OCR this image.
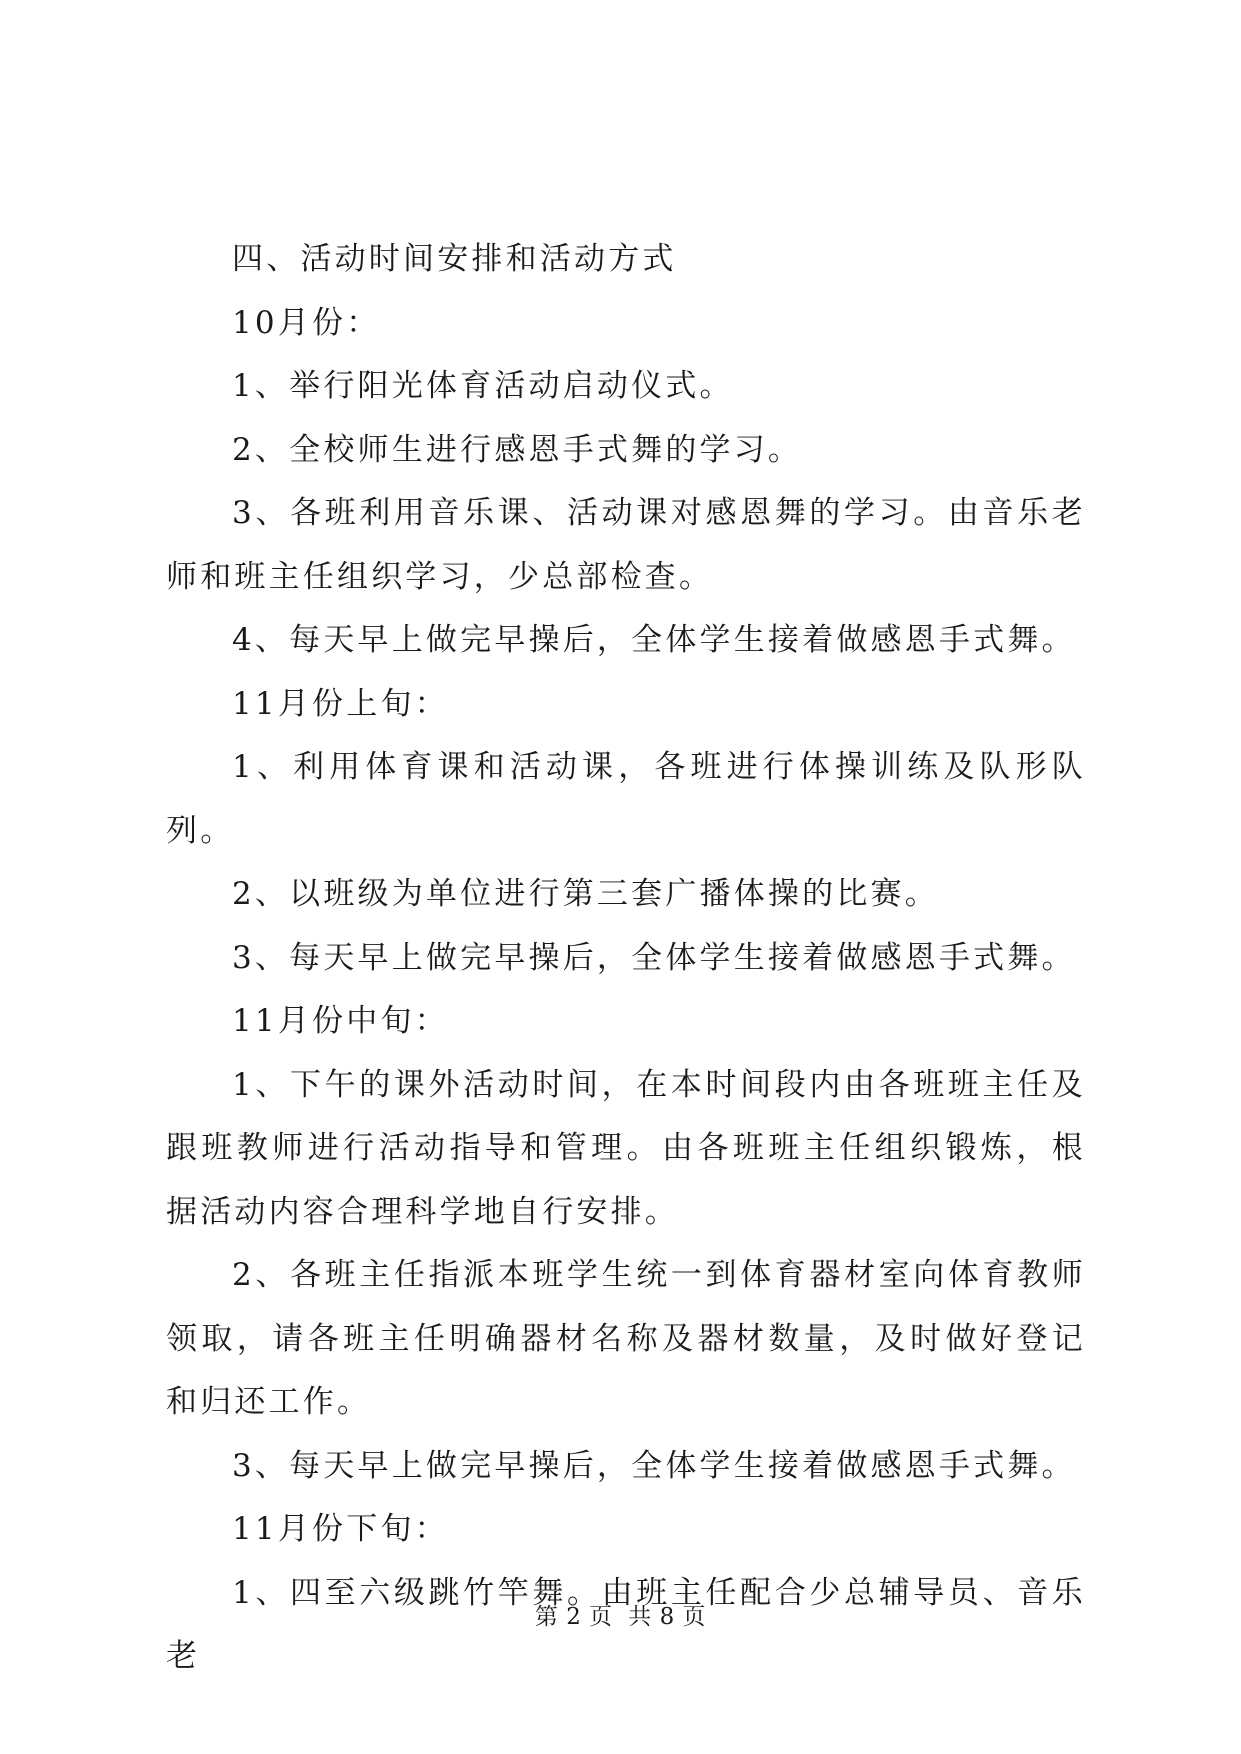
四、活动时间安排和活动方式

10月份：

1、举行阳光体育活动启动仪式。

2、全校师生进行感恩手式舞的学习。

3、各班利用音乐课、活动课对感恩舞的学习。由音乐老师和班主任组织学习，少总部检查。

4、每天早上做完早操后，全体学生接着做感恩手式舞。

11月份上旬：

1、利用体育课和活动课，各班进行体操训练及队形队列。

2、以班级为单位进行第三套广播体操的比赛。

3、每天早上做完早操后，全体学生接着做感恩手式舞。

11月份中旬：

1、下午的课外活动时间，在本时间段内由各班班主任及跟班教师进行活动指导和管理。由各班班主任组织锻炼，根据活动内容合理科学地自行安排。

2、各班主任指派本班学生统一到体育器材室向体育教师领取，请各班主任明确器材名称及器材数量，及时做好登记和归还工作。

3、每天早上做完早操后，全体学生接着做感恩手式舞。

11月份下旬：

1、四至六级跳竹竿舞。由班主任配合少总辅导员、音乐老

第 2 页  共 8 页
